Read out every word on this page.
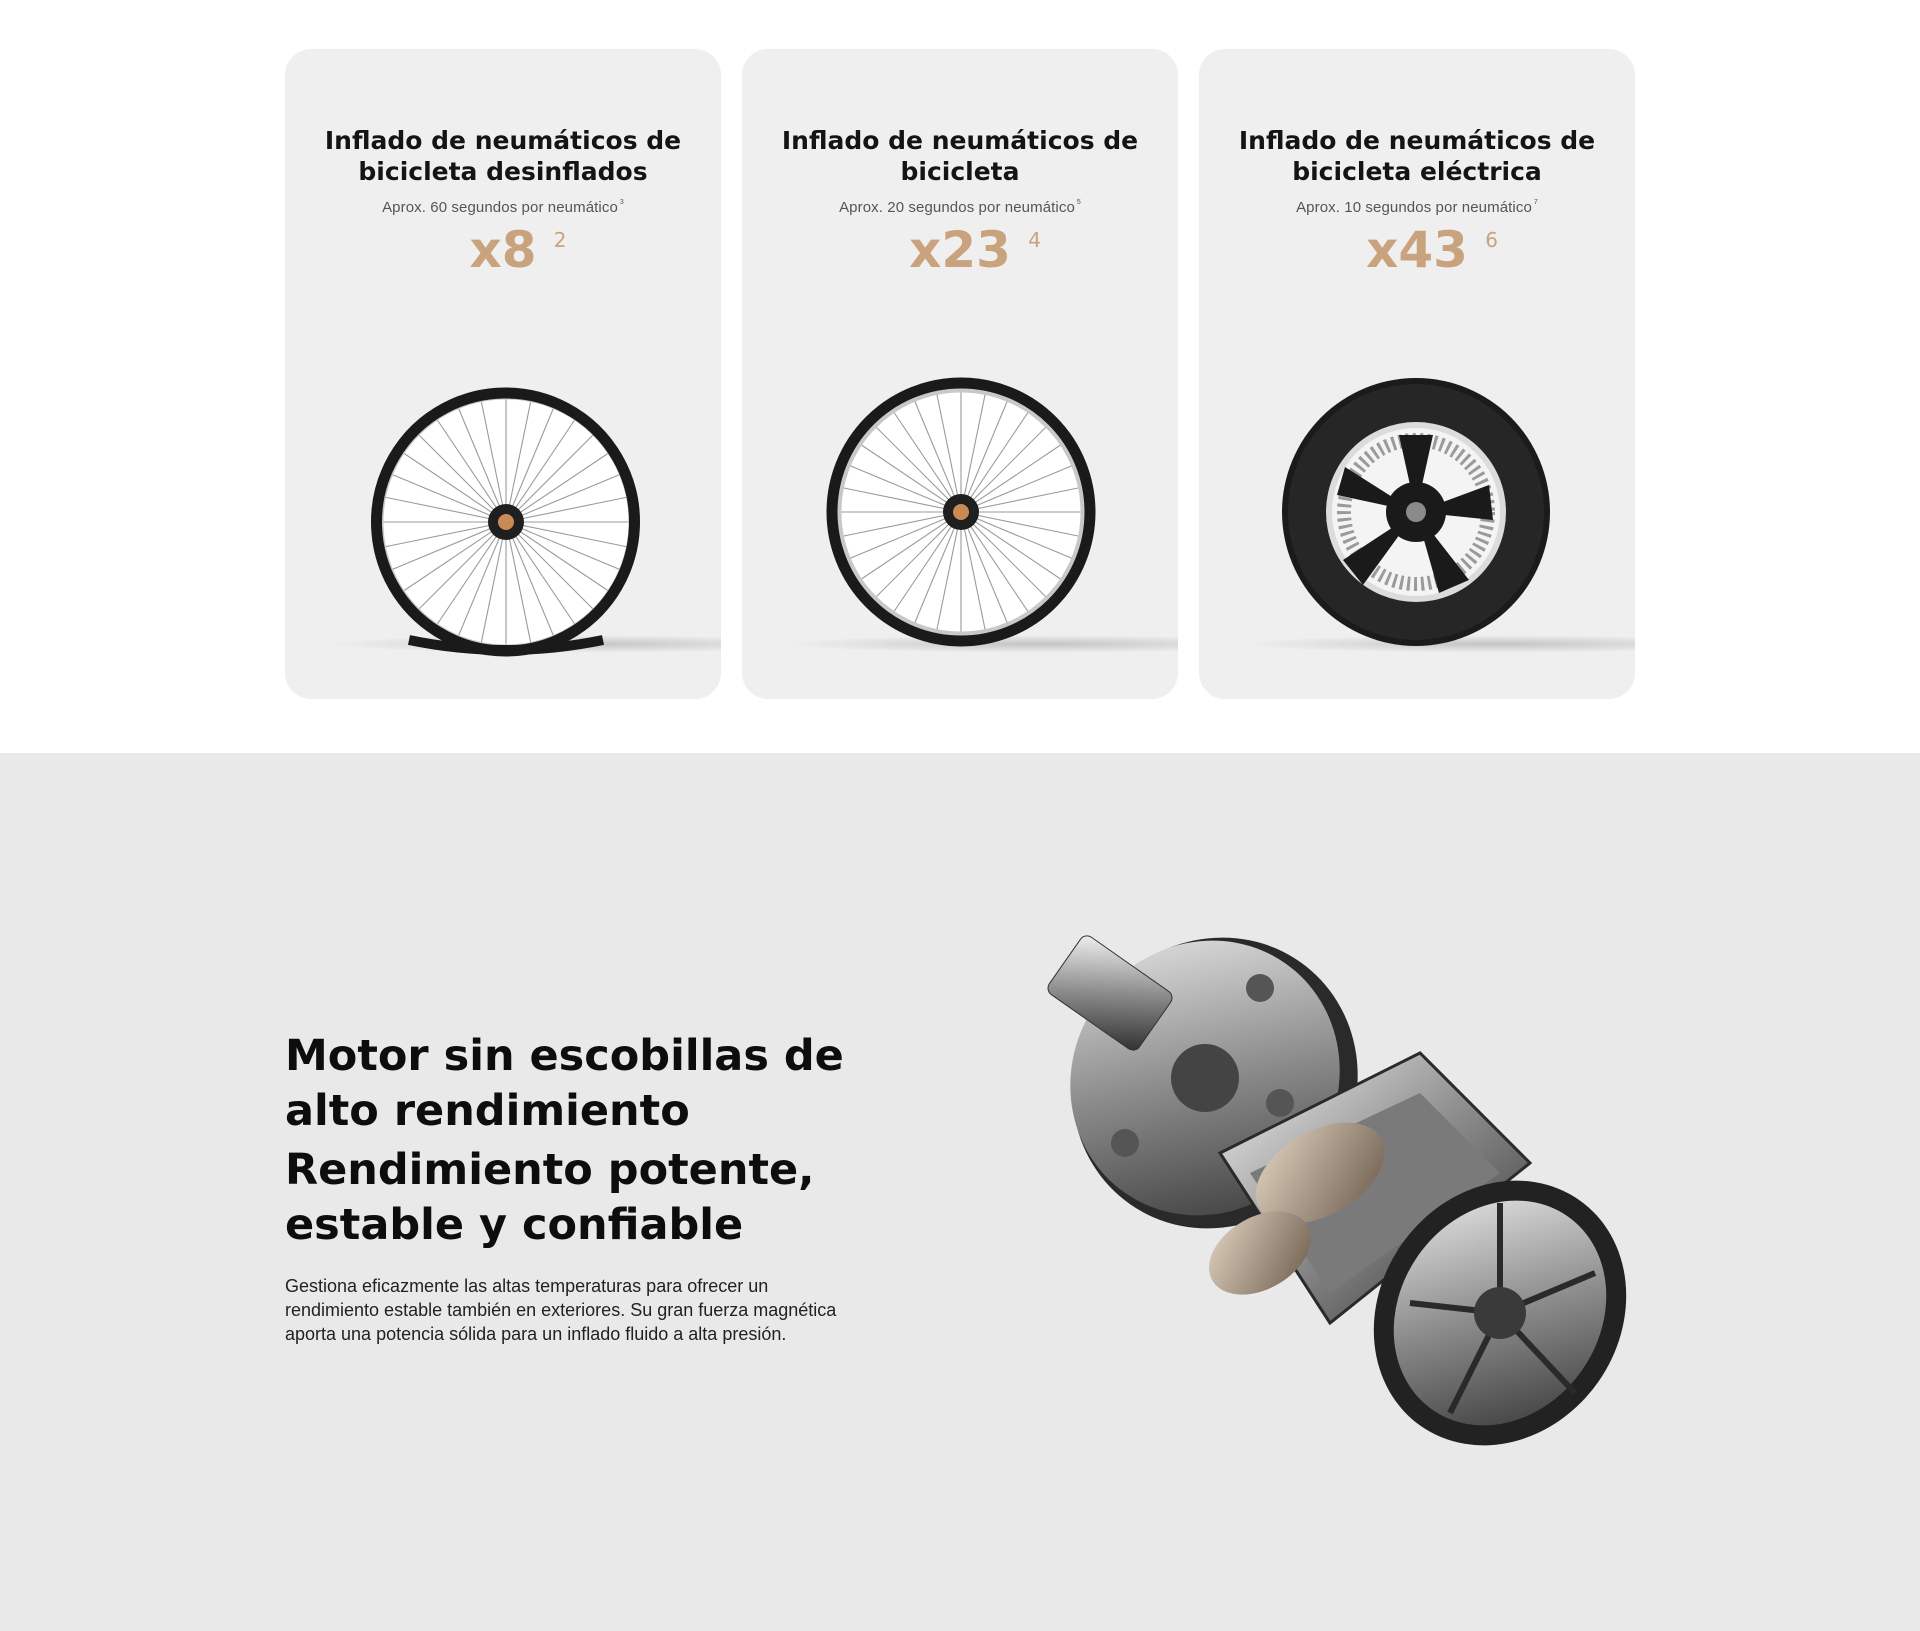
Inflado de neumáticos de bicicleta desinflados
Aprox. 60 segundos por neumático $^3$
x8 2
Inflado de neumáticos de bicicleta
Aprox. 20 segundos por neumático $^5$
x23 4
Inflado de neumáticos de bicicleta eléctrica
Aprox. 10 segundos por neumático $^7$
x43 6
Motor sin escobillas de alto rendimiento
Rendimiento potente, estable y confiable

Gestiona eficazmente las altas temperaturas para ofrecer un rendimiento estable también en exteriores. Su gran fuerza magnética aporta una potencia sólida para un inflado fluido a alta presión.
